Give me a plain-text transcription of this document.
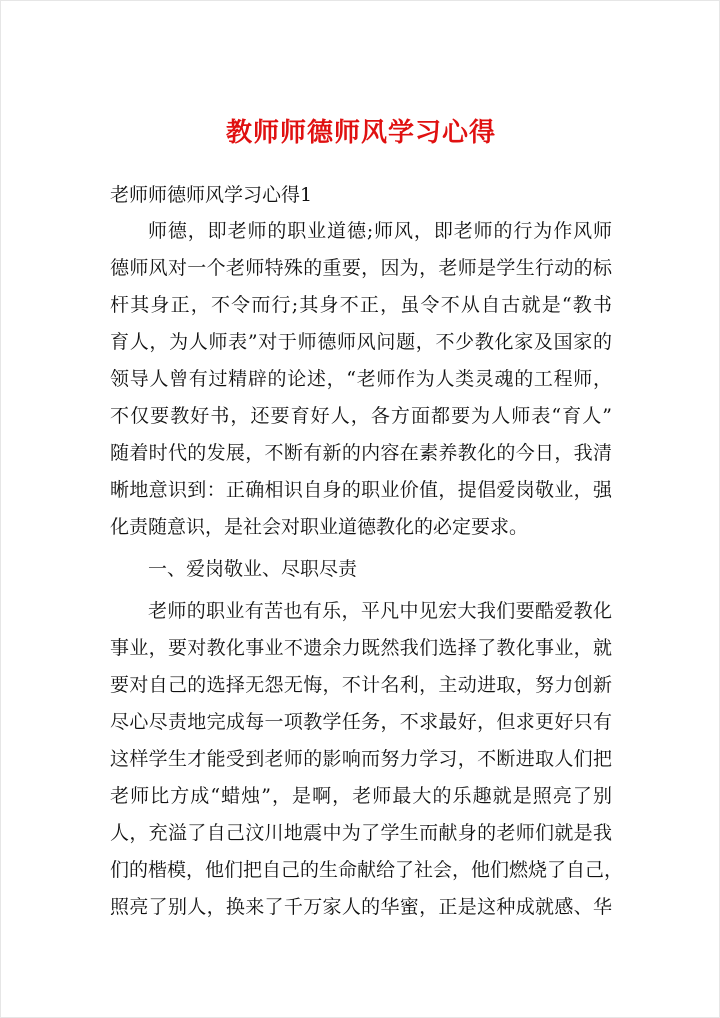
教师师德师风学习心得
老师师德师风学习心得1
师德，即老师的职业道德;师风，即老师的行为作风师
德师风对一个老师特殊的重要，因为，老师是学生行动的标
杆其身正，不令而行;其身不正，虽令不从自古就是“教书
育人，为人师表”对于师德师风问题，不少教化家及国家的
领导人曾有过精辟的论述，“老师作为人类灵魂的工程师，
不仅要教好书，还要育好人，各方面都要为人师表“育人”
随着时代的发展，不断有新的内容在素养教化的今日，我清
晰地意识到：正确相识自身的职业价值，提倡爱岗敬业，强
化责随意识，是社会对职业道德教化的必定要求。
一、爱岗敬业、尽职尽责
老师的职业有苦也有乐，平凡中见宏大我们要酷爱教化
事业，要对教化事业不遗余力既然我们选择了教化事业，就
要对自己的选择无怨无悔，不计名利，主动进取，努力创新
尽心尽责地完成每一项教学任务，不求最好，但求更好只有
这样学生才能受到老师的影响而努力学习，不断进取人们把
老师比方成“蜡烛”，是啊，老师最大的乐趣就是照亮了别
人，充溢了自己汶川地震中为了学生而献身的老师们就是我
们的楷模，他们把自己的生命献给了社会，他们燃烧了自己，
照亮了别人，换来了千万家人的华蜜，正是这种成就感、华
